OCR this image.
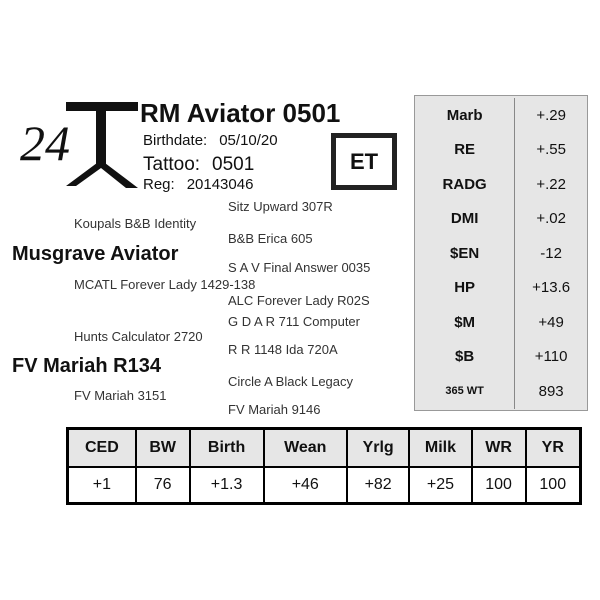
24
RM Aviator 0501
Birthdate: 05/10/20
Tattoo: 0501
Reg: 20143046
ET
Sitz Upward 307R
Koupals B&B Identity
B&B Erica 605
Musgrave Aviator
S A V Final Answer 0035
MCATL Forever Lady 1429-138
ALC Forever Lady R02S
G D A R 711 Computer
Hunts Calculator 2720
R R 1148 Ida 720A
FV Mariah R134
Circle A Black Legacy
FV Mariah 3151
FV Mariah 9146
Marb	+.29
RE	+.55
RADG	+.22
DMI	+.02
$EN	-12
HP	+13.6
$M	+49
$B	+110
365 WT	893
CED	BW	Birth	Wean	Yrlg	Milk	WR	YR
+1	76	+1.3	+46	+82	+25	100	100
